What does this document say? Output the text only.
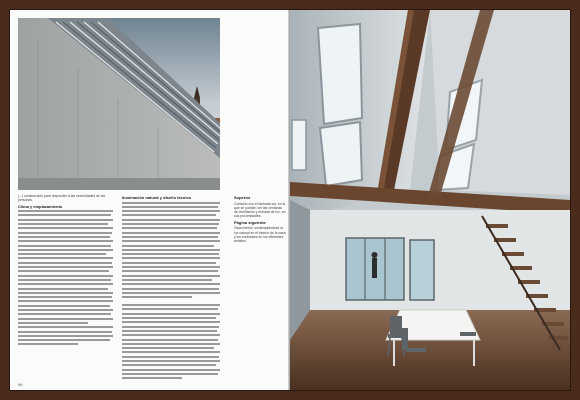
(...) construcción para responder a las necesidades de las personas.

Clima y emplazamiento
Iluminación natural y diseño técnico	Superior

Contacto con el fachada sur, en la que se pueden ver las ventanas de ventilación y entrada de luz, en sus proximidades.

Página siguiente

Vista interior, contemplándose la luz natural en el interior de la casa y los contrastes en los diferentes ámbitos.

96
